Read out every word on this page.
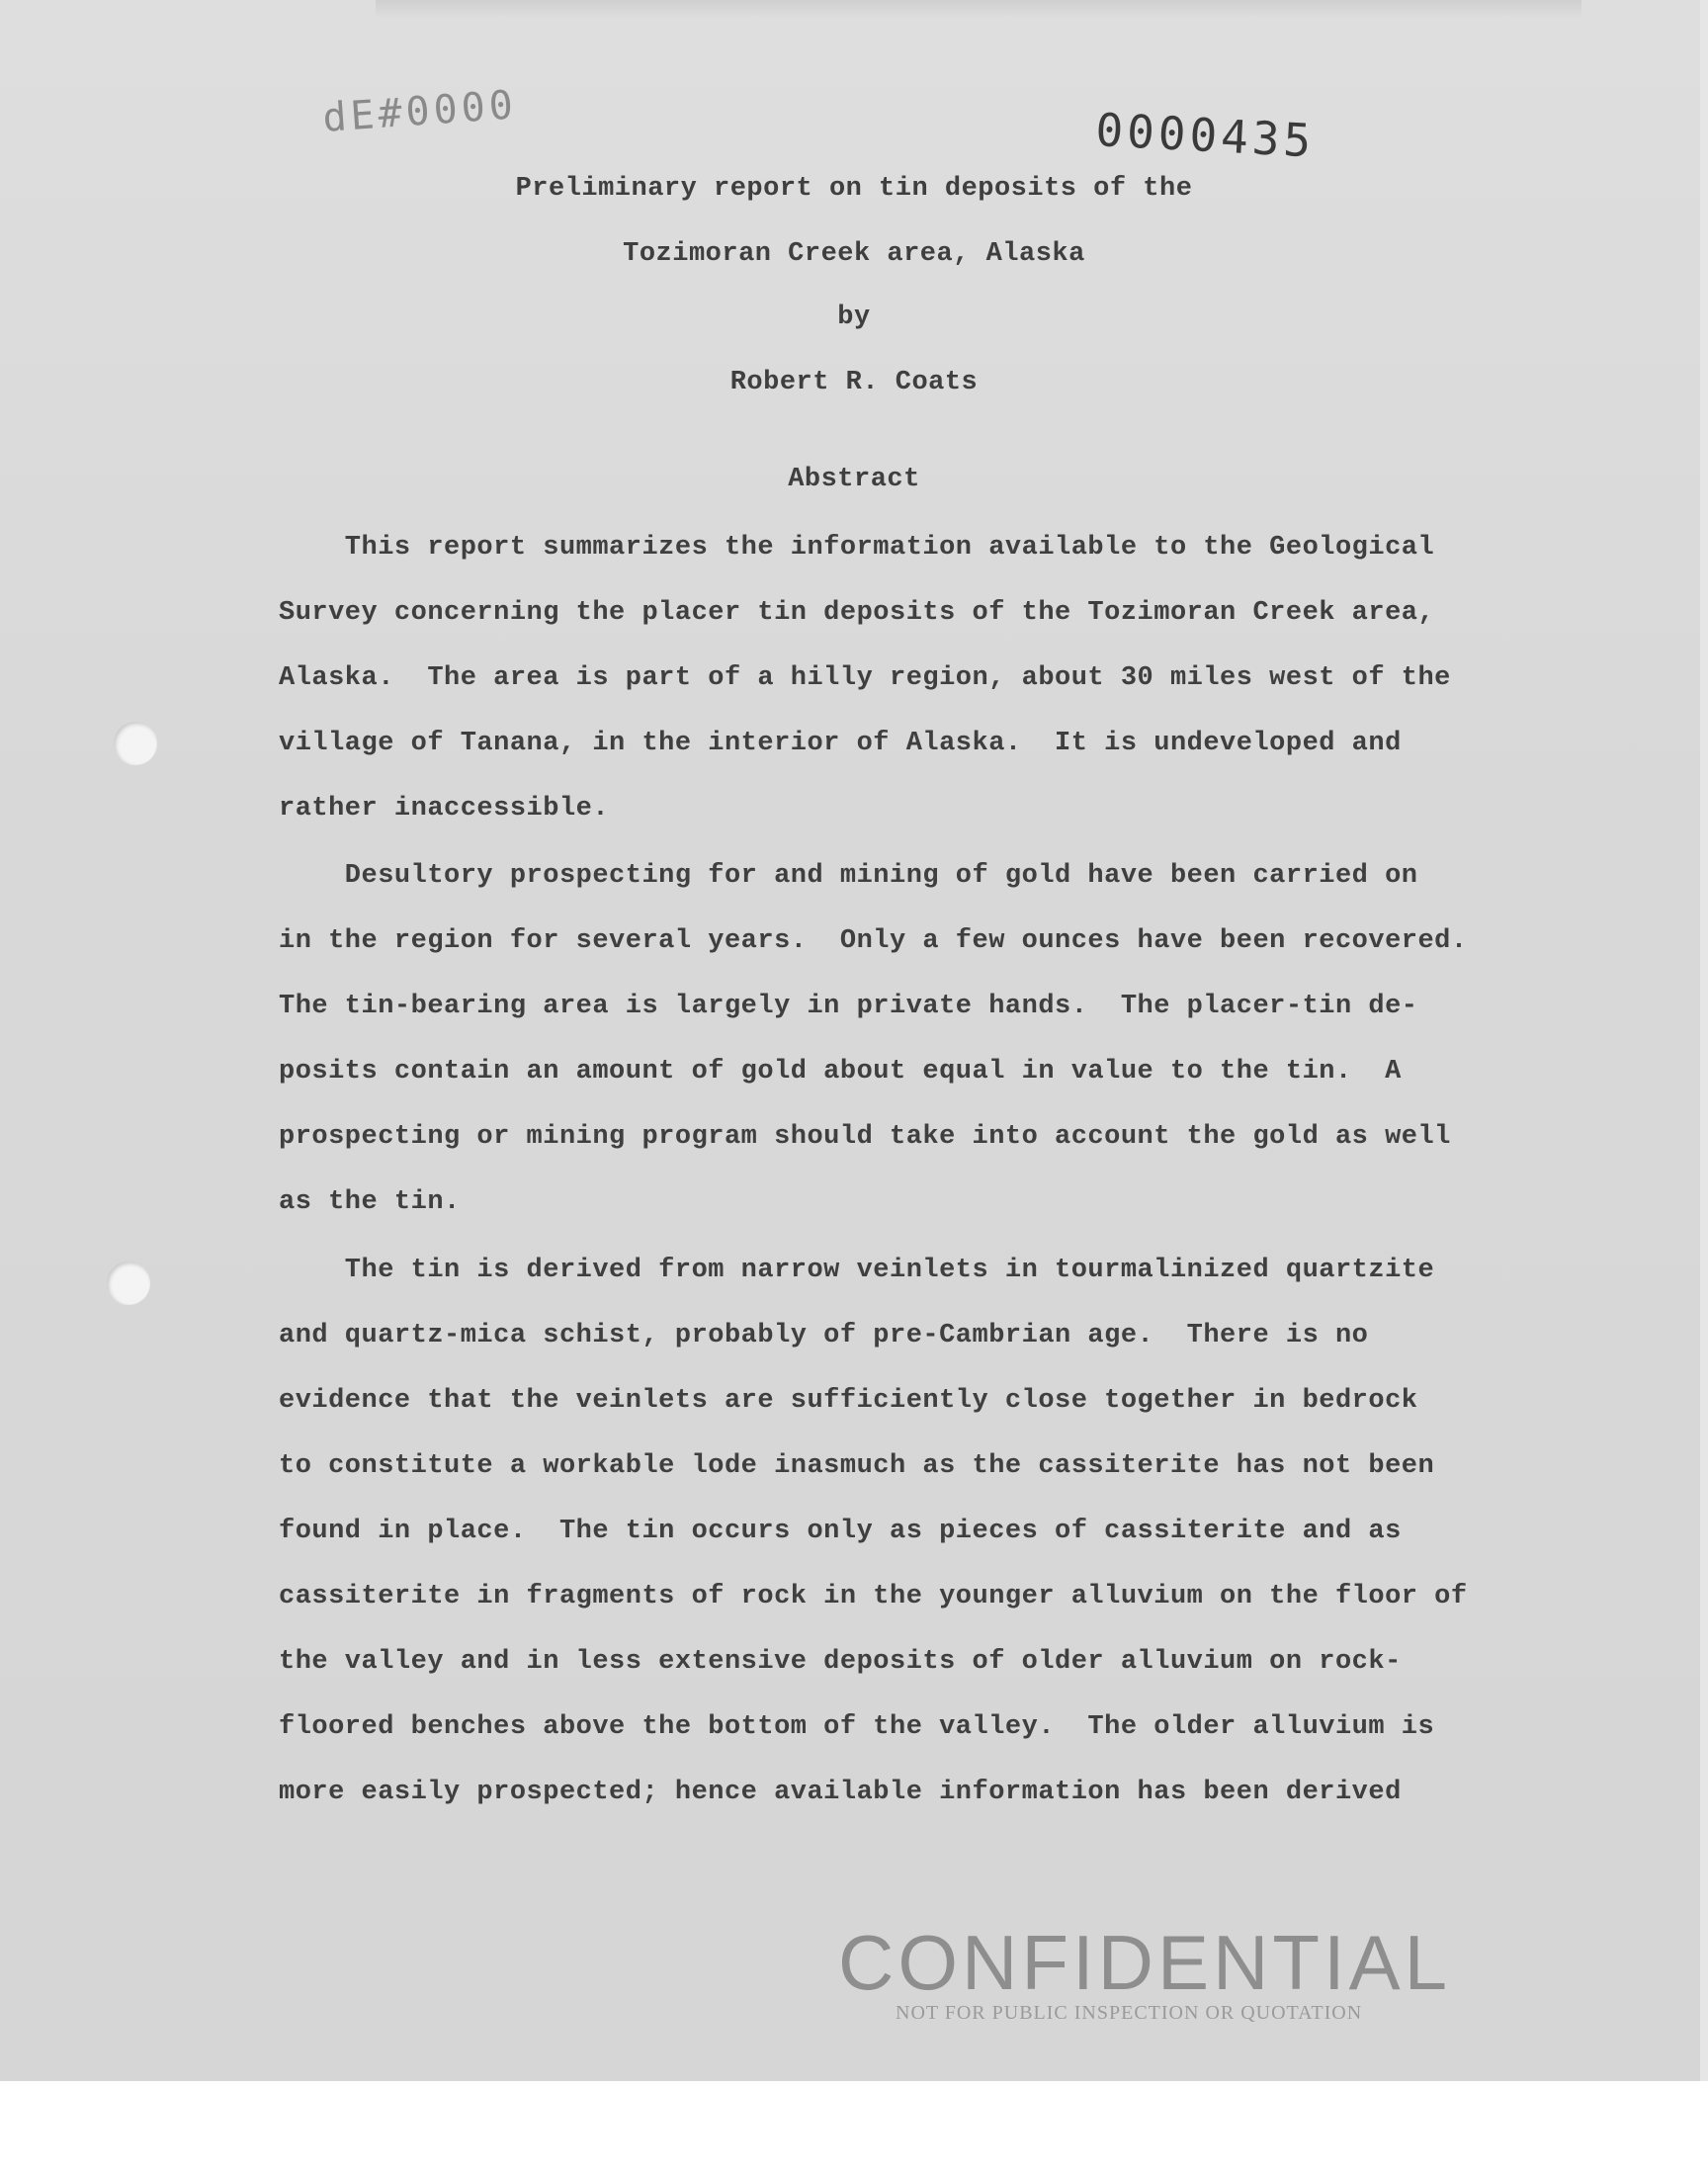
dE#0000	0000435
Preliminary report on tin deposits of the
Tozimoran Creek area, Alaska
by
Robert R. Coats
Abstract
This report summarizes the information available to the Geological
Survey concerning the placer tin deposits of the Tozimoran Creek area,
Alaska.  The area is part of a hilly region, about 30 miles west of the
village of Tanana, in the interior of Alaska.  It is undeveloped and
rather inaccessible.
Desultory prospecting for and mining of gold have been carried on
in the region for several years.  Only a few ounces have been recovered.
The tin-bearing area is largely in private hands.  The placer-tin de-
posits contain an amount of gold about equal in value to the tin.  A
prospecting or mining program should take into account the gold as well
as the tin.
The tin is derived from narrow veinlets in tourmalinized quartzite
and quartz-mica schist, probably of pre-Cambrian age.  There is no
evidence that the veinlets are sufficiently close together in bedrock
to constitute a workable lode inasmuch as the cassiterite has not been
found in place.  The tin occurs only as pieces of cassiterite and as
cassiterite in fragments of rock in the younger alluvium on the floor of
the valley and in less extensive deposits of older alluvium on rock-
floored benches above the bottom of the valley.  The older alluvium is
more easily prospected; hence available information has been derived
CONFIDENTIAL
NOT FOR PUBLIC INSPECTION OR QUOTATION
